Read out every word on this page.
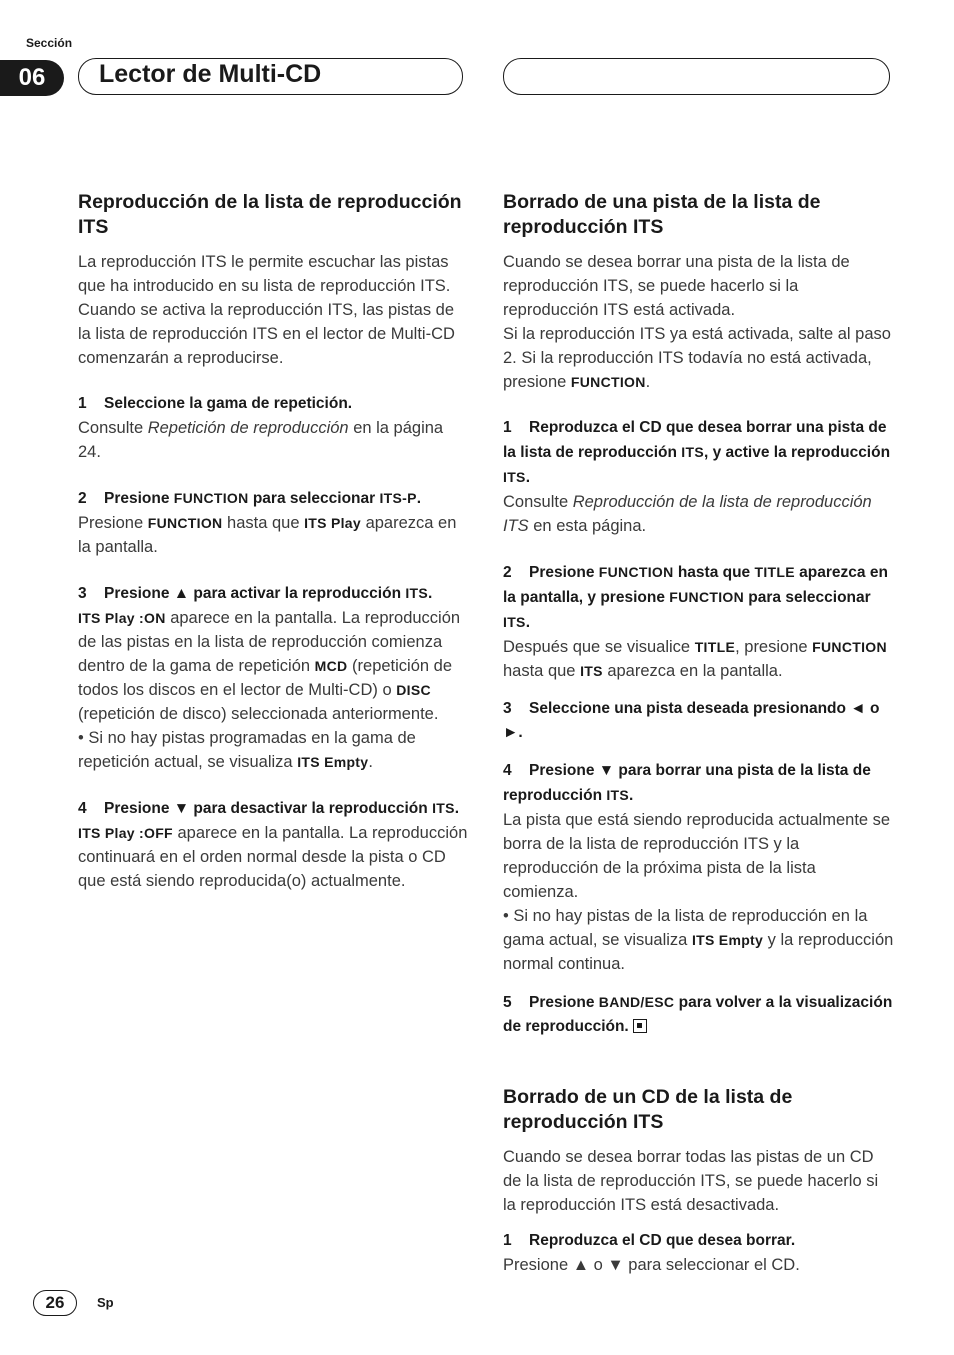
Sección
06	Lector de Multi-CD
Reproducción de la lista de reproducción ITS

La reproducción ITS le permite escuchar las pistas que ha introducido en su lista de reproducción ITS. Cuando se activa la reproducción ITS, las pistas de la lista de reproducción ITS en el lector de Multi-CD comenzarán a reproducirse.

1 Seleccione la gama de repetición.

Consulte Repetición de reproducción en la página 24.

2 Presione FUNCTION para seleccionar ITS-P.

Presione FUNCTION hasta que ITS Play aparezca en la pantalla.

3 Presione ▲ para activar la reproducción ITS.

ITS Play :ON aparece en la pantalla. La reproducción de las pistas en la lista de reproducción comienza dentro de la gama de repetición MCD (repetición de todos los discos en el lector de Multi-CD) o DISC (repetición de disco) seleccionada anteriormente.

• Si no hay pistas programadas en la gama de repetición actual, se visualiza ITS Empty.

4 Presione ▼ para desactivar la reproducción ITS.

ITS Play :OFF aparece en la pantalla. La reproducción continuará en el orden normal desde la pista o CD que está siendo reproducida(o) actualmente.

Borrado de una pista de la lista de reproducción ITS

Cuando se desea borrar una pista de la lista de reproducción ITS, se puede hacerlo si la reproducción ITS está activada.

Si la reproducción ITS ya está activada, salte al paso 2. Si la reproducción ITS todavía no está activada, presione FUNCTION.

1 Reproduzca el CD que desea borrar una pista de la lista de reproducción ITS, y active la reproducción ITS.

Consulte Reproducción de la lista de reproducción ITS en esta página.

2 Presione FUNCTION hasta que TITLE aparezca en la pantalla, y presione FUNCTION para seleccionar ITS.

Después que se visualice TITLE, presione FUNCTION hasta que ITS aparezca en la pantalla.

3 Seleccione una pista deseada presionando ◄ o ►.
4 Presione ▼ para borrar una pista de la lista de reproducción ITS.

La pista que está siendo reproducida actualmente se borra de la lista de reproducción ITS y la reproducción de la próxima pista de la lista comienza.

• Si no hay pistas de la lista de reproducción en la gama actual, se visualiza ITS Empty y la reproducción normal continua.

5 Presione BAND/ESC para volver a la visualización de reproducción.
Borrado de un CD de la lista de reproducción ITS

Cuando se desea borrar todas las pistas de un CD de la lista de reproducción ITS, se puede hacerlo si la reproducción ITS está desactivada.

1 Reproduzca el CD que desea borrar.

Presione ▲ o ▼ para seleccionar el CD.

26	Sp
